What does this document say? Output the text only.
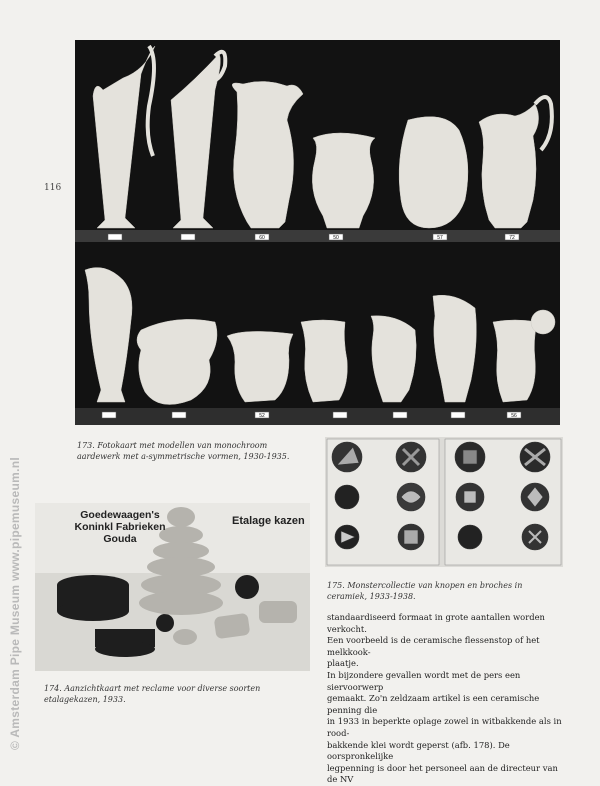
116
© Amsterdam Pipe Museum www.pipemuseum.nl
60	50	57	72
52	56
173. Fotokaart met modellen van monochroom aardewerk met a-symmetrische vormen, 1930-1935.
175. Monstercollectie van knopen en broches in ceramiek, 1933-1938.
Goedewaagen's
Koninkl Fabrieken
Gouda
Etalage kazen
174. Aanzichtkaart met reclame voor diverse soorten etalagekazen, 1933.

standaardiseerd formaat in grote aantallen worden verkocht.

Een voorbeeld is de ceramische flessenstop of het melkkook-

plaatje.

In bijzondere gevallen wordt met de pers een siervoorwerp

gemaakt. Zo'n zeldzaam artikel is een ceramische penning die

in 1933 in beperkte oplage zowel in witbakkende als in rood-

bakkende klei wordt geperst (afb. 178). De oorspronkelijke

legpenning is door het personeel aan de directeur van de NV
